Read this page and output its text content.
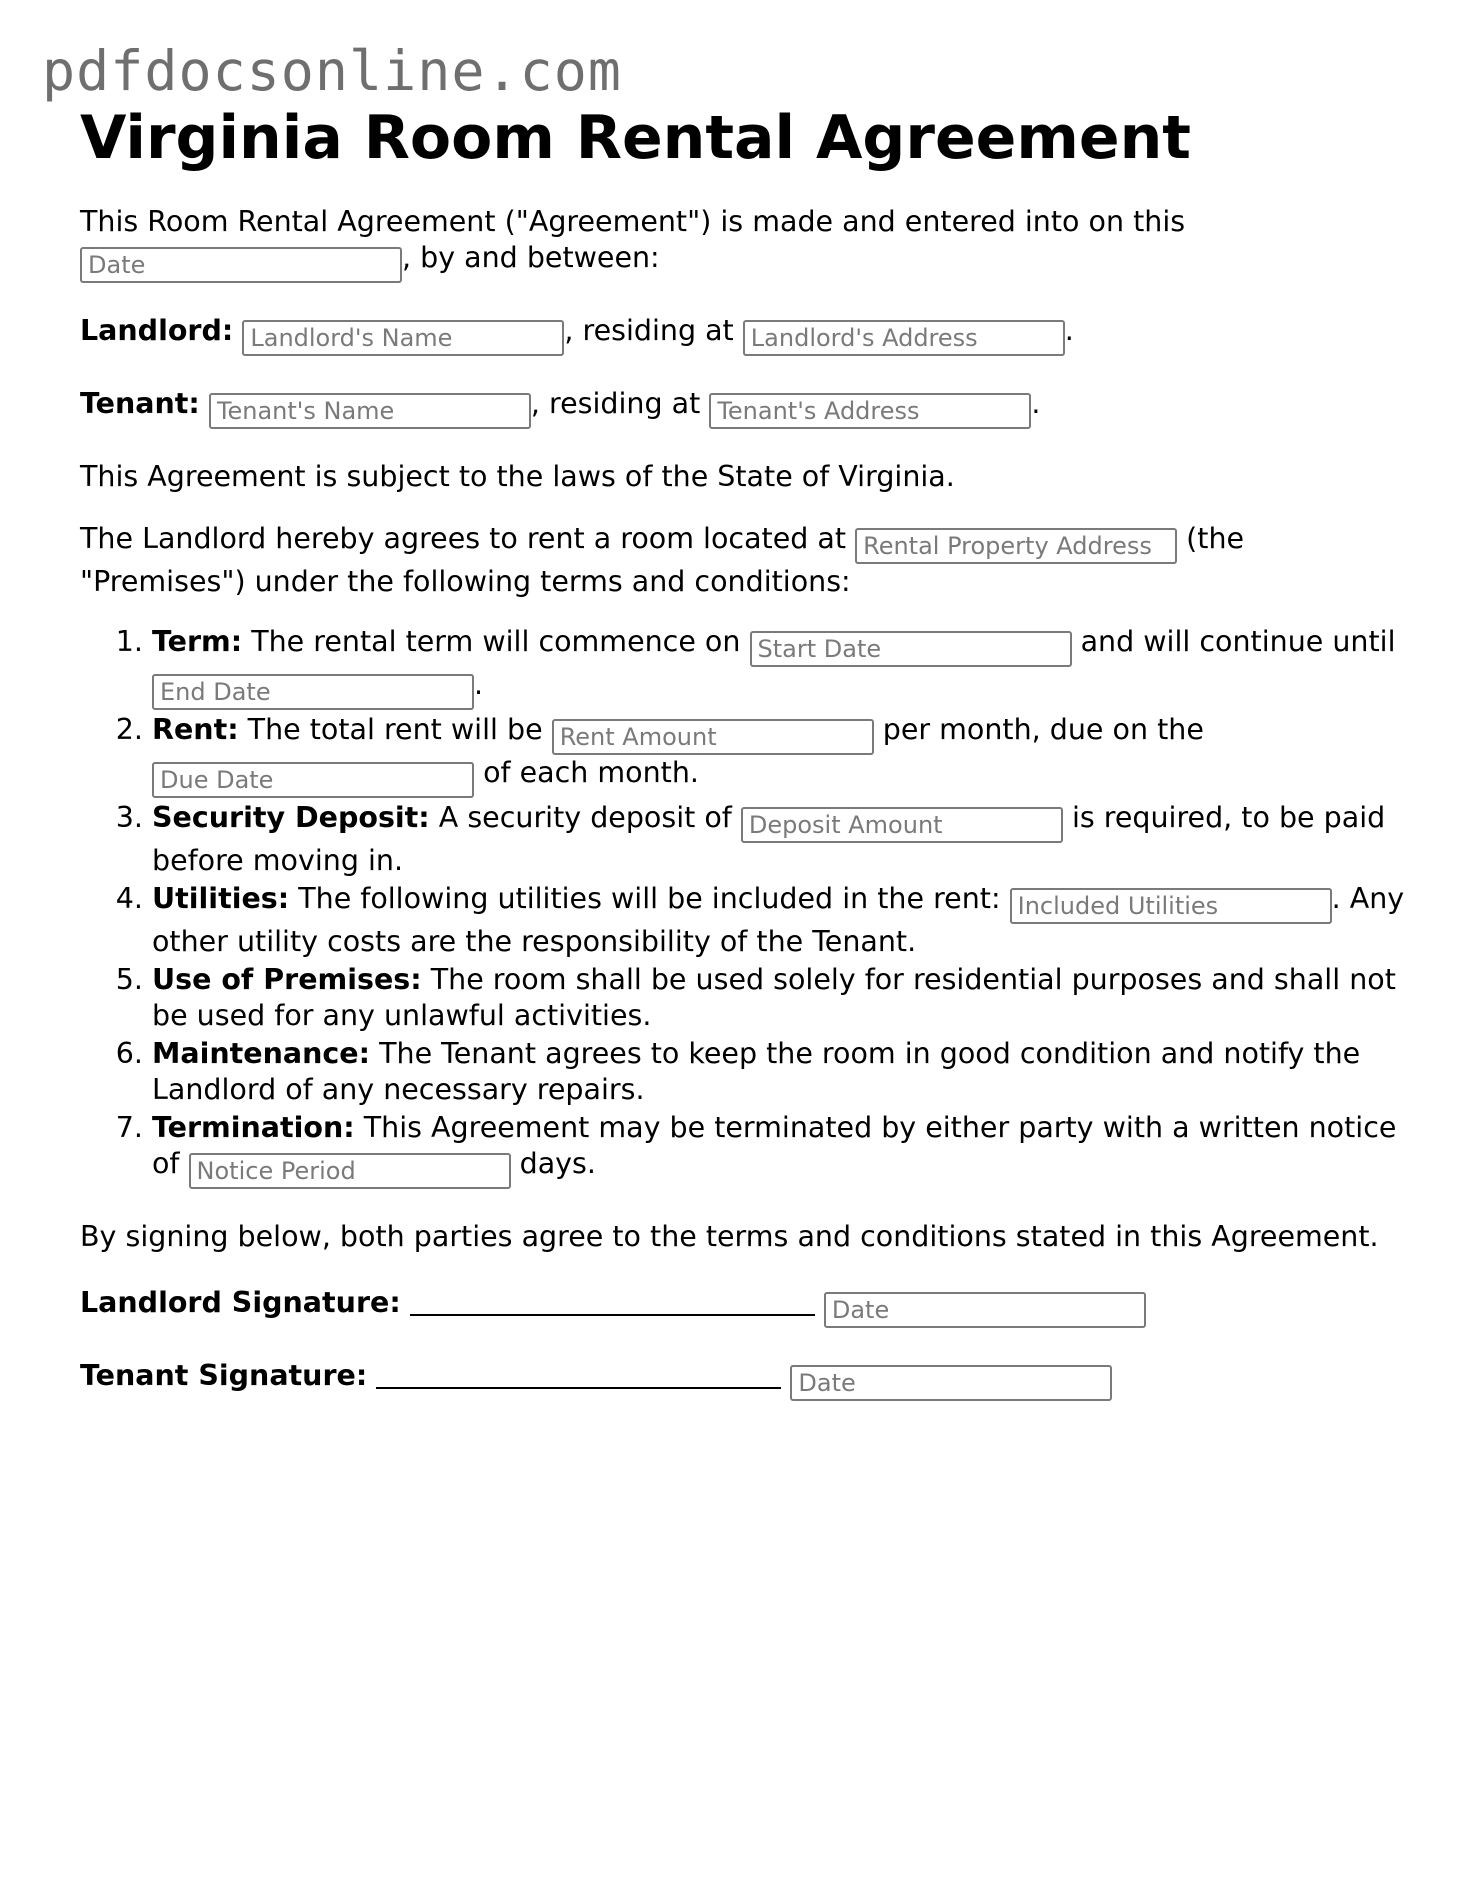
pdfdocsonline.com
Virginia Room Rental Agreement

This Room Rental Agreement ("Agreement") is made and entered into on this
Date, by and between:

Landlord: Landlord's Name	, residing at Landlord's Address	.

Tenant: Tenant's Name	, residing at Tenant's Address	.

This Agreement is subject to the laws of the State of Virginia.

The Landlord hereby agrees to rent a room located at Rental Property Address	(the "Premises") under the following terms and conditions:

1. Term: The rental term will commence on Start Date	and will continue until End Date.
2. Rent: The total rent will be Rent Amount	per month, due on the Due Date of each month.
3. Security Deposit: A security deposit of Deposit Amount	is required, to be paid before moving in.
4. Utilities: The following utilities will be included in the rent: Included Utilities	. Any other utility costs are the responsibility of the Tenant.
5. Use of Premises: The room shall be used solely for residential purposes and shall not be used for any unlawful activities.
6. Maintenance: The Tenant agrees to keep the room in good condition and notify the Landlord of any necessary repairs.
7. Termination: This Agreement may be terminated by either party with a written notice of Notice Period	days.

By signing below, both parties agree to the terms and conditions stated in this Agreement.

Landlord Signature:  Date

Tenant Signature:  Date
